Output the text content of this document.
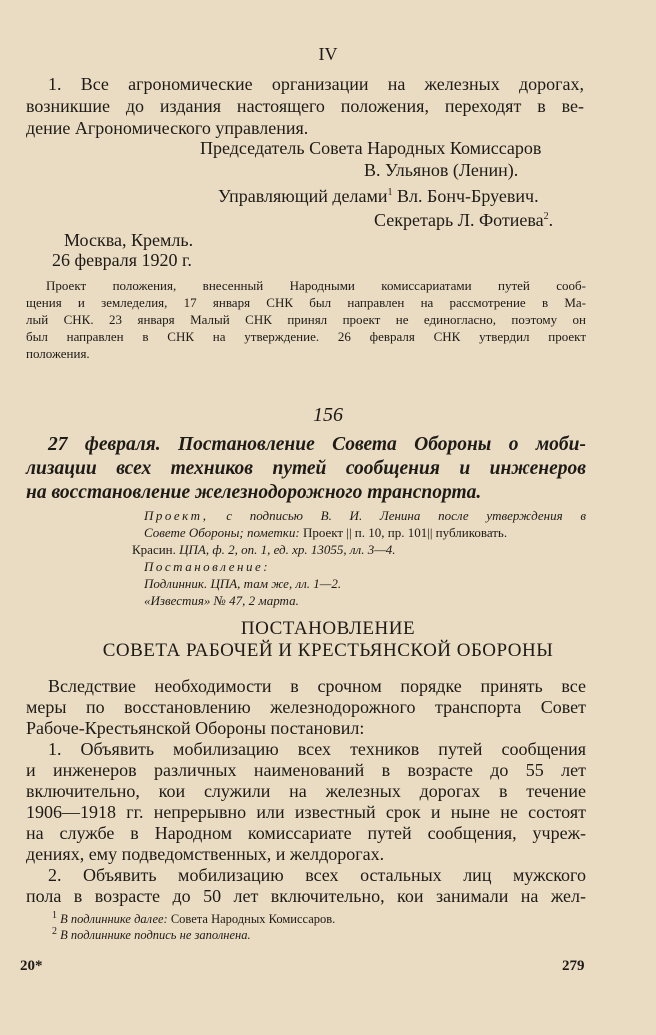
IV
1. Все агрономические организации на железных дорогах,
возникшие до издания настоящего положения, переходят в ве-
дение Агрономического управления.
Председатель Совета Народных Комиссаров
В. Ульянов (Ленин).
Управляющий делами$^1$ Вл. Бонч-Бруевич.
Секретарь Л. Фотиева$^2$.
Москва, Кремль.
26 февраля 1920 г.
Проект положения, внесенный Народными комиссариатами путей сооб-
щения и земледелия, 17 января СНК был направлен на рассмотрение в Ма-
лый СНК. 23 января Малый СНК принял проект не единогласно, поэтому он
был направлен в СНК на утверждение. 26 февраля СНК утвердил проект
положения.
156
27 февраля. Постановление Совета Обороны о моби-
лизации всех техников путей сообщения и инженеров
на восстановление железнодорожного транспорта.
Проект, с подписью В. И. Ленина после утверждения в
Совете Обороны; пометки: Проект || п. 10, пр. 101|| публиковать.
Красин. ЦПА, ф. 2, оп. 1, ед. хр. 13055, лл. 3—4.
Постановление:
Подлинник. ЦПА, там же, лл. 1—2.
«Известия» № 47, 2 марта.
ПОСТАНОВЛЕНИЕ
СОВЕТА РАБОЧЕЙ И КРЕСТЬЯНСКОЙ ОБОРОНЫ
Вследствие необходимости в срочном порядке принять все
меры по восстановлению железнодорожного транспорта Совет
Рабоче-Крестьянской Обороны постановил:
1. Объявить мобилизацию всех техников путей сообщения
и инженеров различных наименований в возрасте до 55 лет
включительно, кои служили на железных дорогах в течение
1906—1918 гг. непрерывно или известный срок и ныне не состоят
на службе в Народном комиссариате путей сообщения, учреж-
дениях, ему подведомственных, и желдорогах.
2. Объявить мобилизацию всех остальных лиц мужского
пола в возрасте до 50 лет включительно, кои занимали на жел-
$^1$ В подлиннике далее: Совета Народных Комиссаров.
$^2$ В подлиннике подпись не заполнена.
20*	279
